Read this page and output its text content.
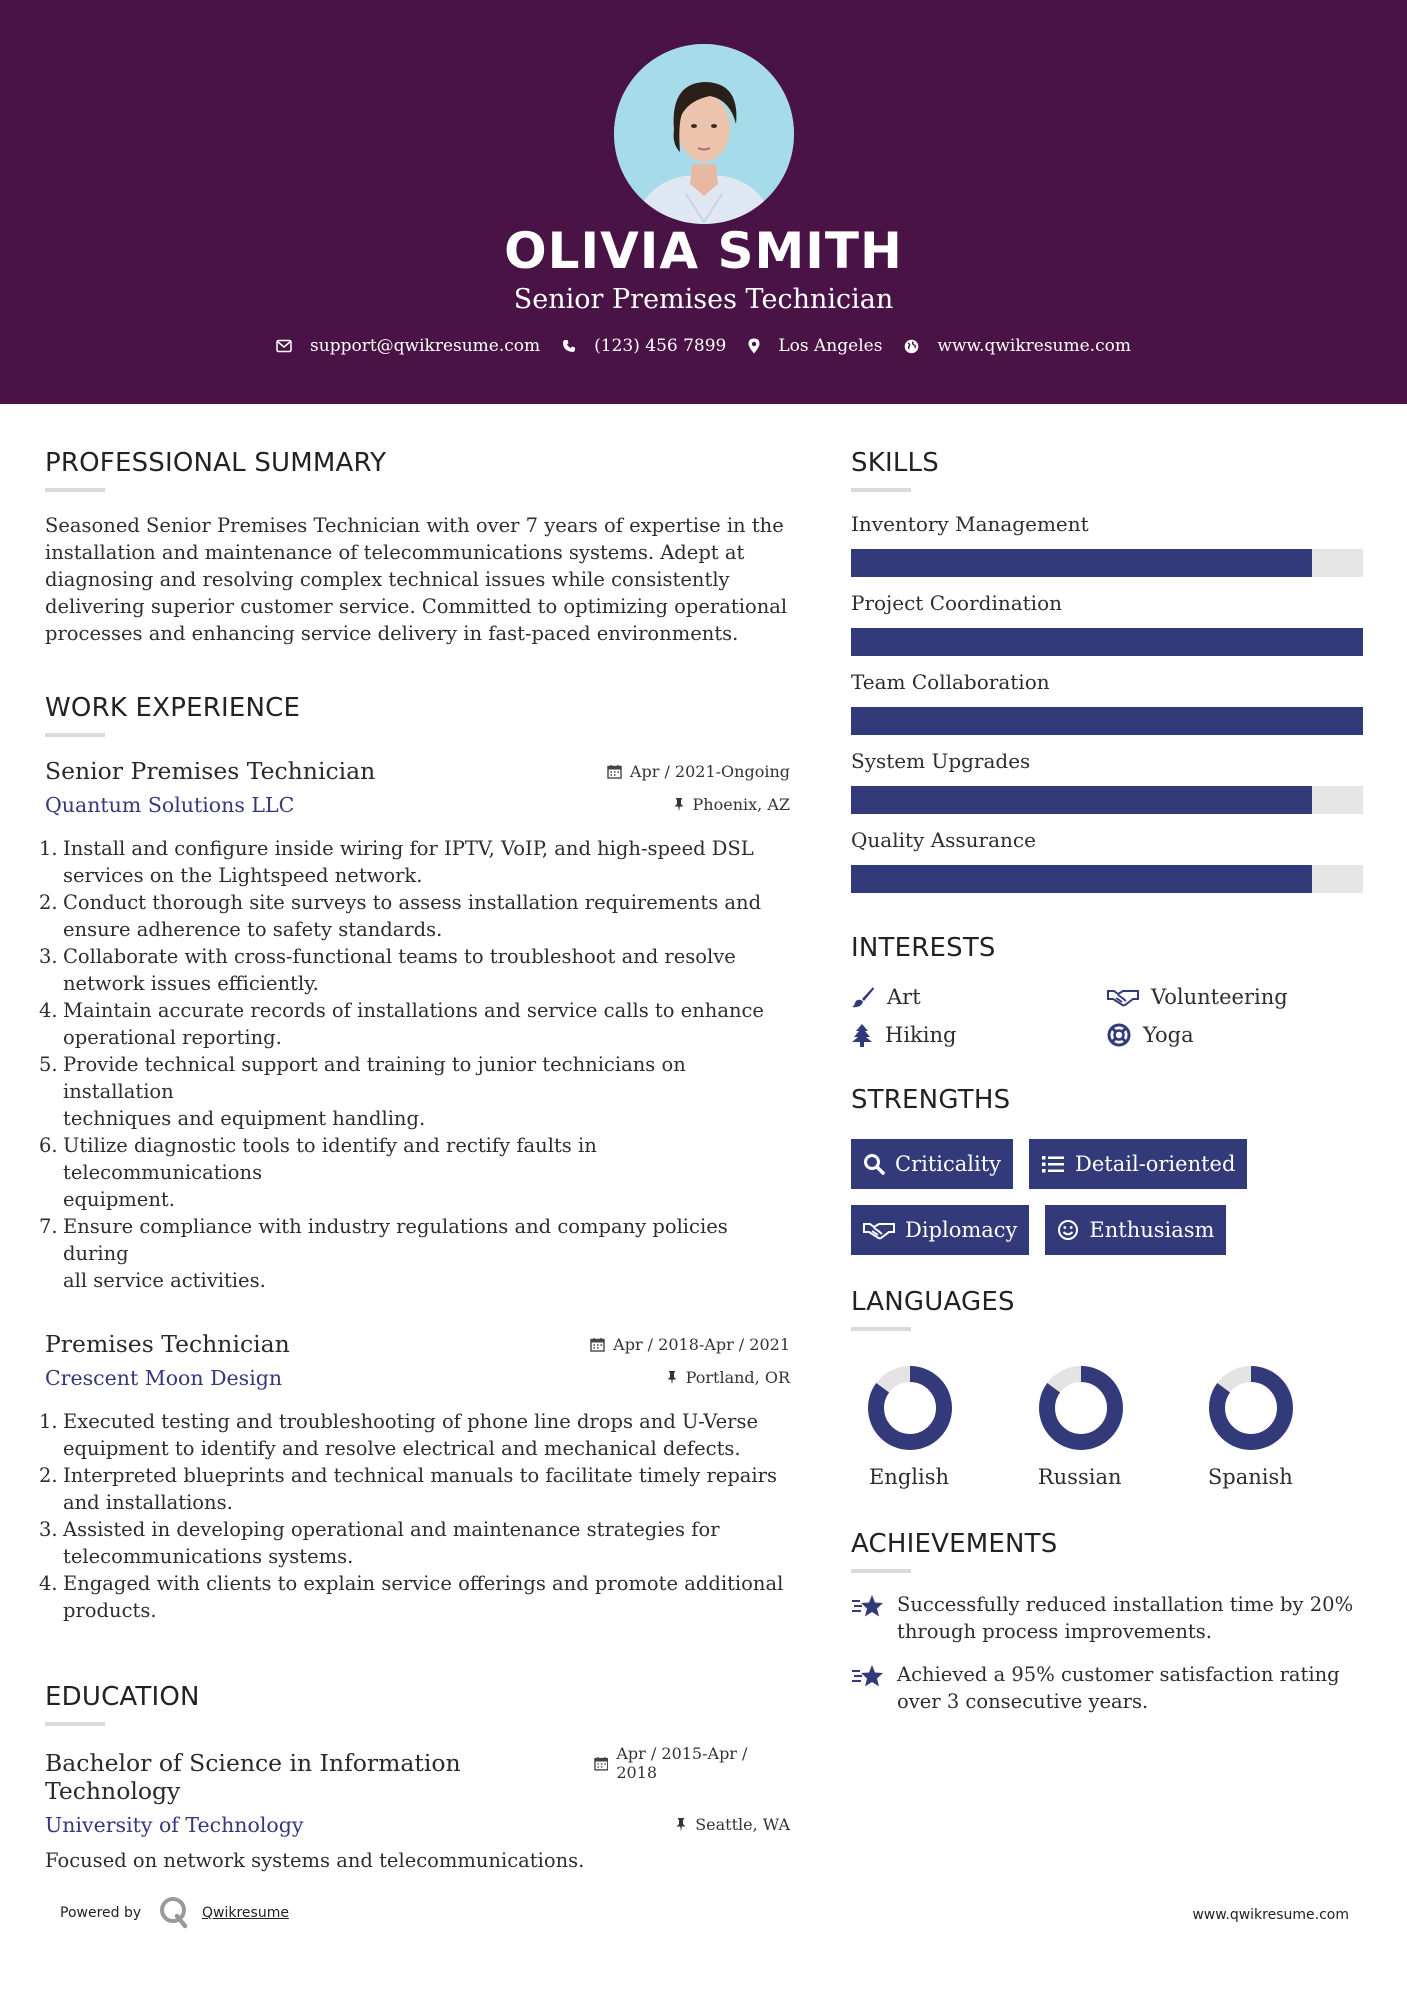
OLIVIA SMITH
Senior Premises Technician
support@qwikresume.com	(123) 456 7899	Los Angeles	www.qwikresume.com
PROFESSIONAL SUMMARY
Seasoned Senior Premises Technician with over 7 years of expertise in the
installation and maintenance of telecommunications systems. Adept at
diagnosing and resolving complex technical issues while consistently
delivering superior customer service. Committed to optimizing operational
processes and enhancing service delivery in fast-paced environments.
WORK EXPERIENCE
Senior Premises Technician	Apr / 2021-Ongoing
Quantum Solutions LLC	Phoenix, AZ
1. Install and configure inside wiring for IPTV, VoIP, and high-speed DSL
services on the Lightspeed network.
2. Conduct thorough site surveys to assess installation requirements and
ensure adherence to safety standards.
3. Collaborate with cross-functional teams to troubleshoot and resolve
network issues efficiently.
4. Maintain accurate records of installations and service calls to enhance
operational reporting.
5. Provide technical support and training to junior technicians on installation
techniques and equipment handling.
6. Utilize diagnostic tools to identify and rectify faults in telecommunications
equipment.
7. Ensure compliance with industry regulations and company policies during
all service activities.
Premises Technician	Apr / 2018-Apr / 2021
Crescent Moon Design	Portland, OR
1. Executed testing and troubleshooting of phone line drops and U-Verse
equipment to identify and resolve electrical and mechanical defects.
2. Interpreted blueprints and technical manuals to facilitate timely repairs
and installations.
3. Assisted in developing operational and maintenance strategies for
telecommunications systems.
4. Engaged with clients to explain service offerings and promote additional
products.
EDUCATION
Bachelor of Science in Information Technology
Apr / 2015-Apr / 2018
University of Technology	Seattle, WA
Focused on network systems and telecommunications.
SKILLS
Inventory Management
Project Coordination
Team Collaboration
System Upgrades
Quality Assurance
INTERESTS
Art	Volunteering
Hiking	Yoga
STRENGTHS
Criticality	Detail-oriented
Diplomacy	Enthusiasm
LANGUAGES
English	Russian	Spanish
ACHIEVEMENTS
Successfully reduced installation time by 20%
through process improvements.
Achieved a 95% customer satisfaction rating
over 3 consecutive years.
Powered by	Qwikresume	www.qwikresume.com
